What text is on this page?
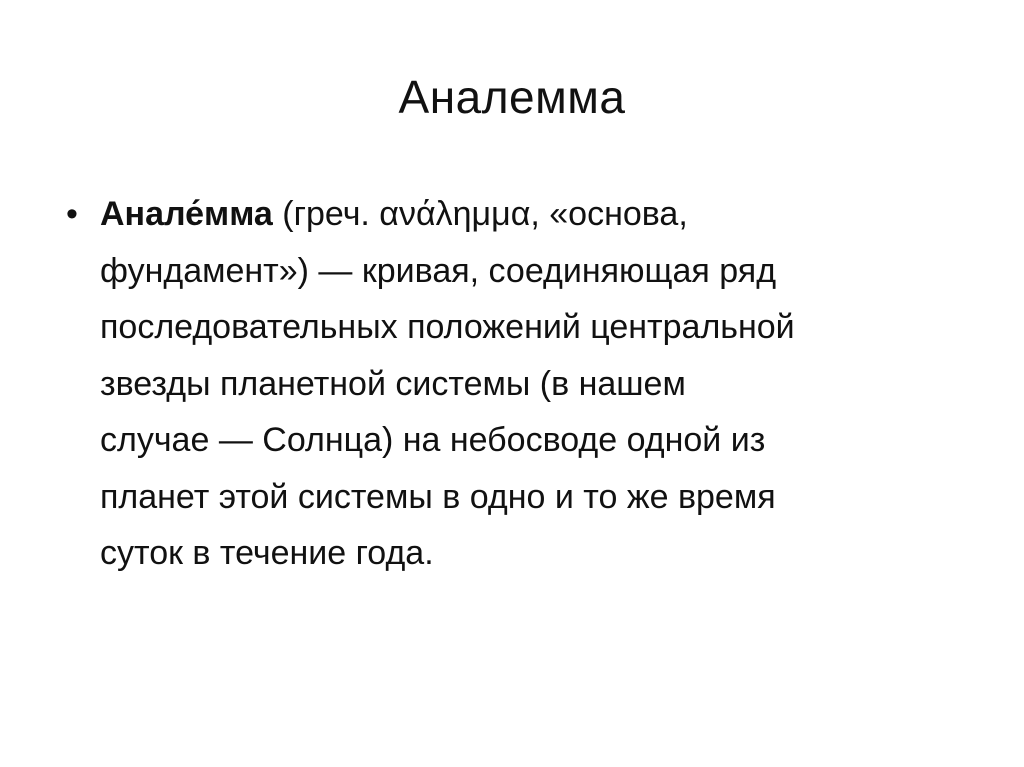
Аналемма
• Анале́мма (греч. ανάλημμα, «основа,
фундамент») — кривая, соединяющая ряд
последовательных положений центральной
звезды планетной системы (в нашем
случае — Солнца) на небосводе одной из
планет этой системы в одно и то же время
суток в течение года.
